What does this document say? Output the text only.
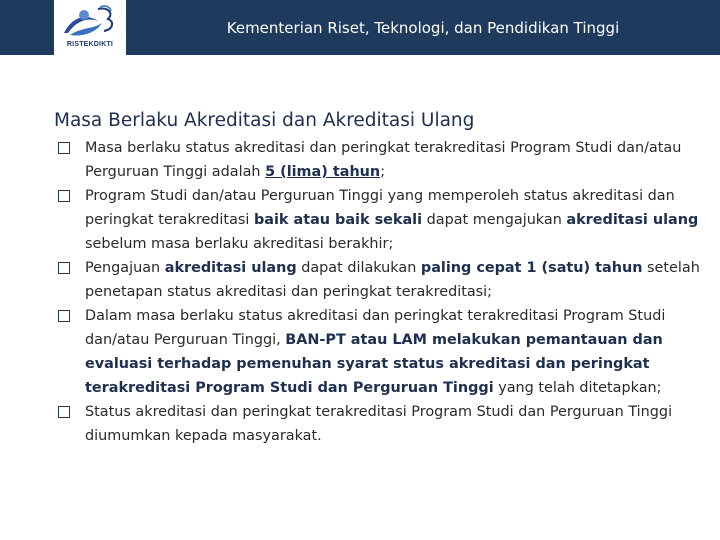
RISTEKDIKTI
Kementerian Riset, Teknologi, dan Pendidikan Tinggi
Masa Berlaku Akreditasi dan Akreditasi Ulang
Masa berlaku status akreditasi dan peringkat terakreditasi Program Studi dan/atau Perguruan Tinggi adalah 5 (lima) tahun;
Program Studi dan/atau Perguruan Tinggi yang memperoleh status akreditasi dan peringkat terakreditasi baik atau baik sekali dapat mengajukan akreditasi ulang sebelum masa berlaku akreditasi berakhir;
Pengajuan akreditasi ulang dapat dilakukan paling cepat 1 (satu) tahun setelah penetapan status akreditasi dan peringkat terakreditasi;
Dalam masa berlaku status akreditasi dan peringkat terakreditasi Program Studi dan/atau Perguruan Tinggi, BAN-PT atau LAM melakukan pemantauan dan evaluasi terhadap pemenuhan syarat status akreditasi dan peringkat terakreditasi Program Studi dan Perguruan Tinggi yang telah ditetapkan;
Status akreditasi dan peringkat terakreditasi Program Studi dan Perguruan Tinggi diumumkan kepada masyarakat.
